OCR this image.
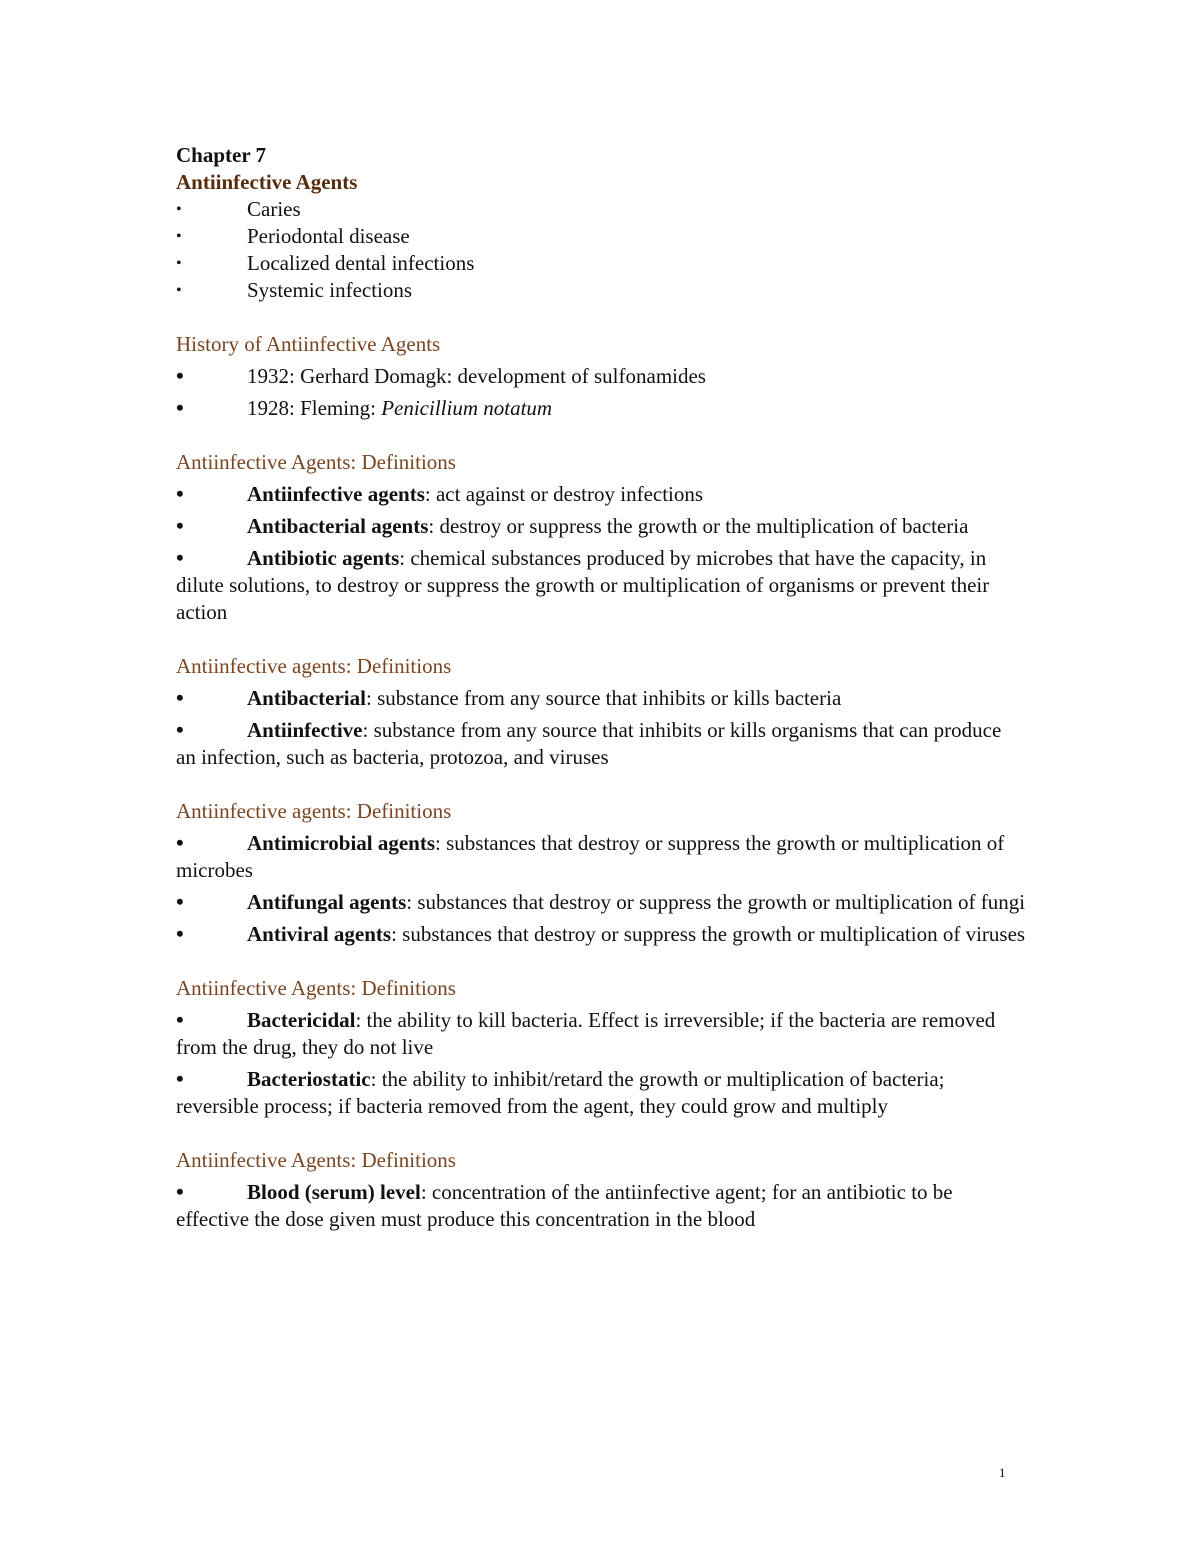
Chapter 7

Antiinfective Agents

• Caries
• Periodontal disease
• Localized dental infections
• Systemic infections

History of Antiinfective Agents

•	1932: Gerhard Domagk: development of sulfonamides

•	1928: Fleming: Penicillium notatum

Antiinfective Agents: Definitions

•	Antiinfective agents: act against or destroy infections

•	Antibacterial agents: destroy or suppress the growth or the multiplication of bacteria

•	Antibiotic agents: chemical substances produced by microbes that have the capacity, in dilute solutions, to destroy or suppress the growth or multiplication of organisms or prevent their action

Antiinfective agents: Definitions

•	Antibacterial: substance from any source that inhibits or kills bacteria

•	Antiinfective: substance from any source that inhibits or kills organisms that can produce an infection, such as bacteria, protozoa, and viruses

Antiinfective agents: Definitions

•	Antimicrobial agents: substances that destroy or suppress the growth or multiplication of microbes

•	Antifungal agents: substances that destroy or suppress the growth or multiplication of fungi

•	Antiviral agents: substances that destroy or suppress the growth or multiplication of viruses

Antiinfective Agents: Definitions

•	Bactericidal: the ability to kill bacteria. Effect is irreversible; if the bacteria are removed from the drug, they do not live

•	Bacteriostatic: the ability to inhibit/retard the growth or multiplication of bacteria; reversible process; if bacteria removed from the agent, they could grow and multiply

Antiinfective Agents: Definitions

•	Blood (serum) level: concentration of the antiinfective agent; for an antibiotic to be effective the dose given must produce this concentration in the blood

1
